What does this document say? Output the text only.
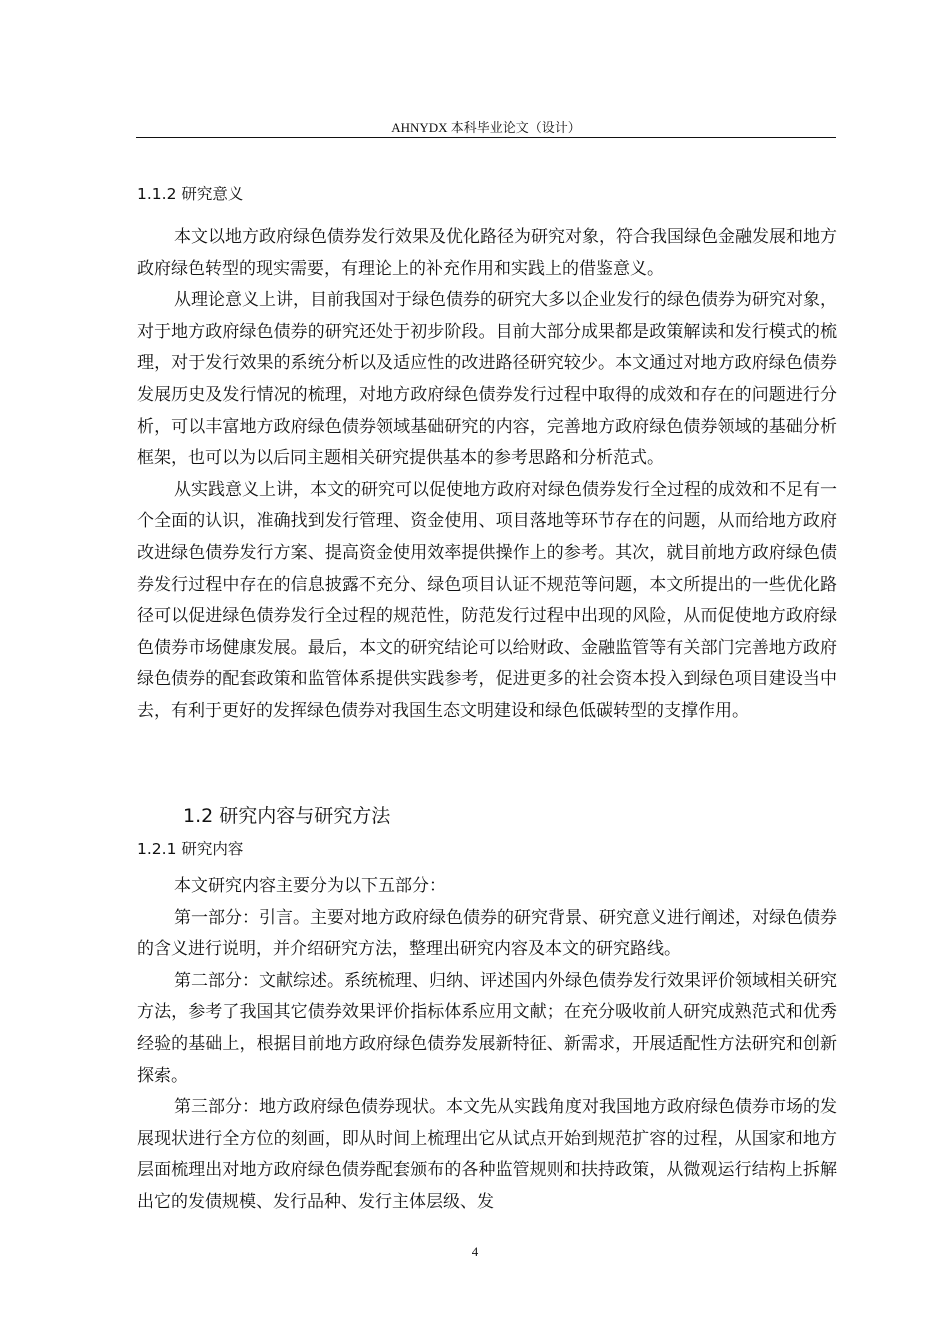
AHNYDX 本科毕业论文（设计）
1.1.2 研究意义

本文以地方政府绿色债券发行效果及优化路径为研究对象，符合我国绿色金融发展和地方政府绿色转型的现实需要，有理论上的补充作用和实践上的借鉴意义。

从理论意义上讲，目前我国对于绿色债券的研究大多以企业发行的绿色债券为研究对象，对于地方政府绿色债券的研究还处于初步阶段。目前大部分成果都是政策解读和发行模式的梳理，对于发行效果的系统分析以及适应性的改进路径研究较少。本文通过对地方政府绿色债券发展历史及发行情况的梳理，对地方政府绿色债券发行过程中取得的成效和存在的问题进行分析，可以丰富地方政府绿色债券领域基础研究的内容，完善地方政府绿色债券领域的基础分析框架，也可以为以后同主题相关研究提供基本的参考思路和分析范式。

从实践意义上讲，本文的研究可以促使地方政府对绿色债券发行全过程的成效和不足有一个全面的认识，准确找到发行管理、资金使用、项目落地等环节存在的问题，从而给地方政府改进绿色债券发行方案、提高资金使用效率提供操作上的参考。其次，就目前地方政府绿色债券发行过程中存在的信息披露不充分、绿色项目认证不规范等问题，本文所提出的一些优化路径可以促进绿色债券发行全过程的规范性，防范发行过程中出现的风险，从而促使地方政府绿色债券市场健康发展。最后，本文的研究结论可以给财政、金融监管等有关部门完善地方政府绿色债券的配套政策和监管体系提供实践参考，促进更多的社会资本投入到绿色项目建设当中去，有利于更好的发挥绿色债券对我国生态文明建设和绿色低碳转型的支撑作用。

1.2 研究内容与研究方法
1.2.1 研究内容

本文研究内容主要分为以下五部分：

第一部分：引言。主要对地方政府绿色债券的研究背景、研究意义进行阐述，对绿色债券的含义进行说明，并介绍研究方法，整理出研究内容及本文的研究路线。

第二部分：文献综述。系统梳理、归纳、评述国内外绿色债券发行效果评价领域相关研究方法，参考了我国其它债券效果评价指标体系应用文献；在充分吸收前人研究成熟范式和优秀经验的基础上，根据目前地方政府绿色债券发展新特征、新需求，开展适配性方法研究和创新探索。

第三部分：地方政府绿色债券现状。本文先从实践角度对我国地方政府绿色债券市场的发展现状进行全方位的刻画，即从时间上梳理出它从试点开始到规范扩容的过程，从国家和地方层面梳理出对地方政府绿色债券配套颁布的各种监管规则和扶持政策，从微观运行结构上拆解出它的发债规模、发行品种、发行主体层级、发

4
